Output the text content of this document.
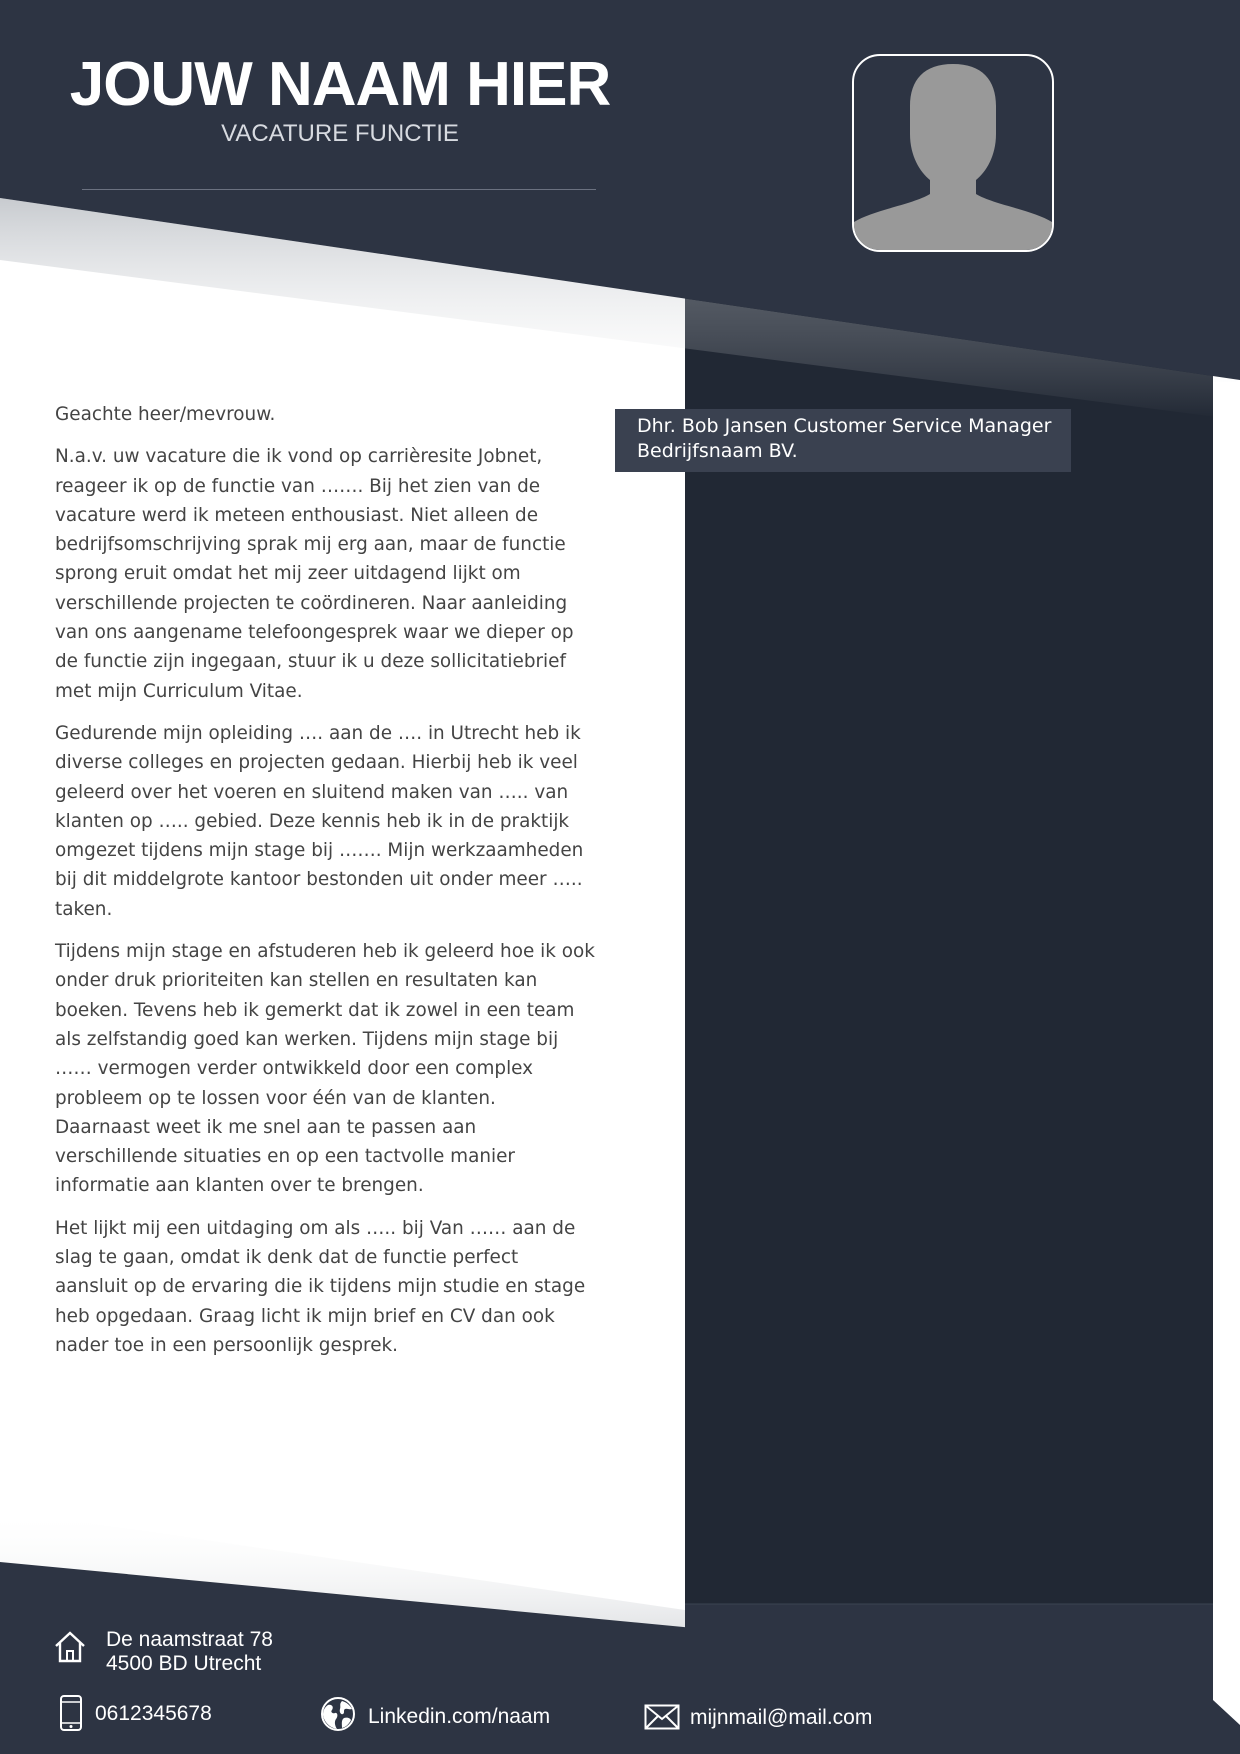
JOUW NAAM HIER
VACATURE FUNCTIE
Dhr. Bob Jansen Customer Service Manager
Bedrijfsnaam BV.

Geachte heer/mevrouw.

N.a.v. uw vacature die ik vond op carrièresite Jobnet, reageer ik op de functie van ……. Bij het zien van de vacature werd ik meteen enthousiast. Niet alleen de bedrijfsomschrijving sprak mij erg aan, maar de functie sprong eruit omdat het mij zeer uitdagend lijkt om verschillende projecten te coördineren. Naar aanleiding van ons aangename telefoongesprek waar we dieper op de functie zijn ingegaan, stuur ik u deze sollicitatiebrief met mijn Curriculum Vitae.

Gedurende mijn opleiding …. aan de …. in Utrecht heb ik diverse colleges en projecten gedaan. Hierbij heb ik veel geleerd over het voeren en sluitend maken van ….. van klanten op ….. gebied. Deze kennis heb ik in de praktijk omgezet tijdens mijn stage bij ……. Mijn werkzaamheden bij dit middelgrote kantoor bestonden uit onder meer ….. taken.

Tijdens mijn stage en afstuderen heb ik geleerd hoe ik ook onder druk prioriteiten kan stellen en resultaten kan boeken. Tevens heb ik gemerkt dat ik zowel in een team als zelfstandig goed kan werken. Tijdens mijn stage bij …… vermogen verder ontwikkeld door een complex probleem op te lossen voor één van de klanten. Daarnaast weet ik me snel aan te passen aan verschillende situaties en op een tactvolle manier informatie aan klanten over te brengen.

Het lijkt mij een uitdaging om als ….. bij Van …… aan de slag te gaan, omdat ik denk dat de functie perfect aansluit op de ervaring die ik tijdens mijn studie en stage heb opgedaan. Graag licht ik mijn brief en CV dan ook nader toe in een persoonlijk gesprek.

De naamstraat 78
4500 BD Utrecht
0612345678	Linkedin.com/naam	mijnmail@mail.com
